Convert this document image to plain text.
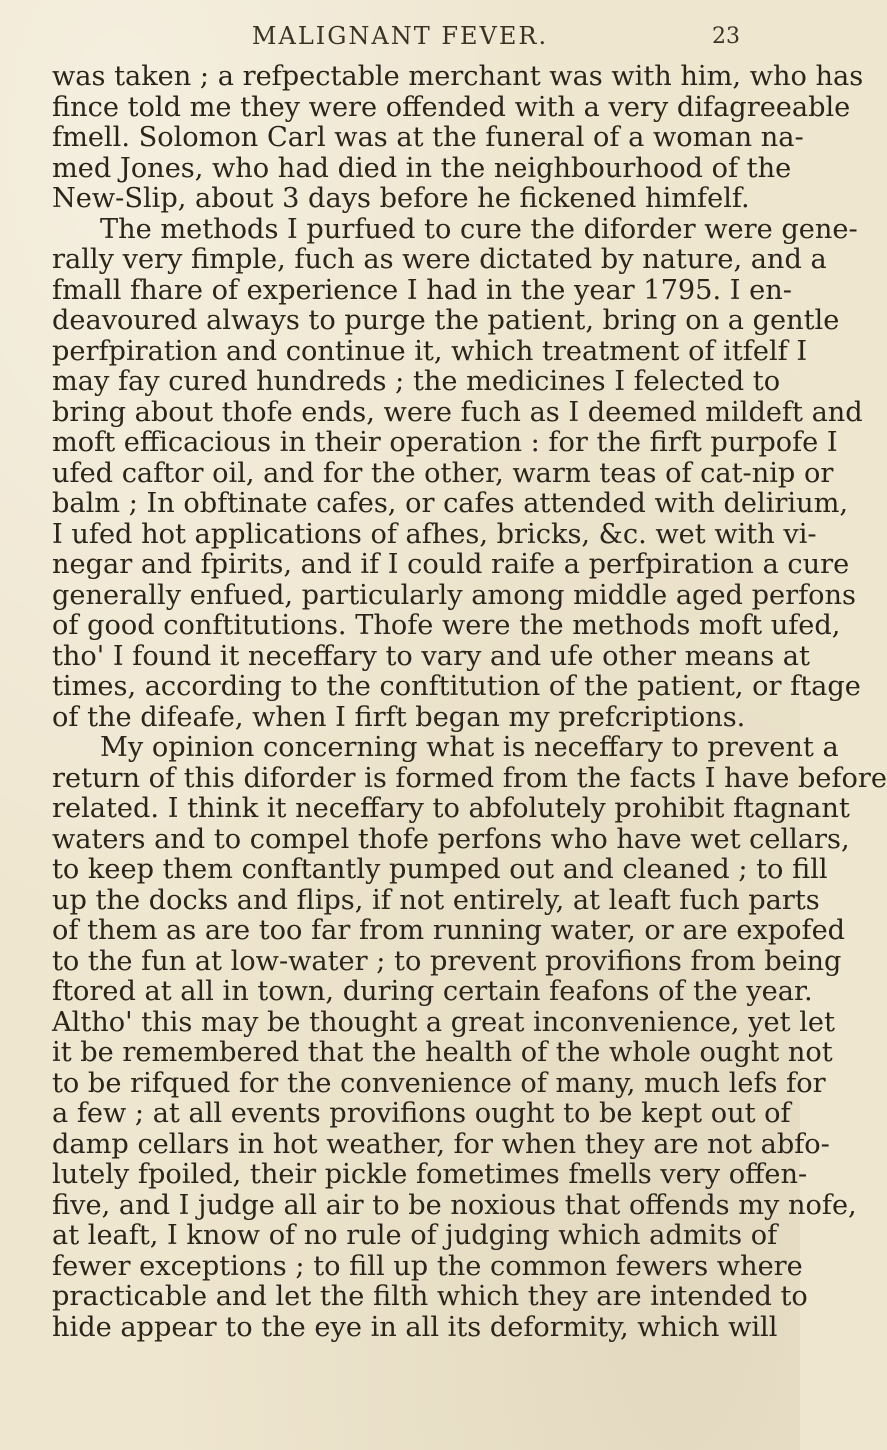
MALIGNANT FEVER.	23
was taken ; a refpectable merchant was with him, who has
fince told me they were offended with a very difagreeable
fmell. Solomon Carl was at the funeral of a woman na-
med Jones, who had died in the neighbourhood of the
New-Slip, about 3 days before he fickened himfelf.
The methods I purfued to cure the diforder were gene-
rally very fimple, fuch as were dictated by nature, and a
fmall fhare of experience I had in the year 1795. I en-
deavoured always to purge the patient, bring on a gentle
perfpiration and continue it, which treatment of itfelf I
may fay cured hundreds ; the medicines I felected to
bring about thofe ends, were fuch as I deemed mildeft and
moft efficacious in their operation : for the firft purpofe I
ufed caftor oil, and for the other, warm teas of cat-nip or
balm ; In obftinate cafes, or cafes attended with delirium,
I ufed hot applications of afhes, bricks, &c. wet with vi-
negar and fpirits, and if I could raife a perfpiration a cure
generally enfued, particularly among middle aged perfons
of good conftitutions. Thofe were the methods moft ufed,
tho' I found it neceffary to vary and ufe other means at
times, according to the conftitution of the patient, or ftage
of the difeafe, when I firft began my prefcriptions.
My opinion concerning what is neceffary to prevent a
return of this diforder is formed from the facts I have before
related. I think it neceffary to abfolutely prohibit ftagnant
waters and to compel thofe perfons who have wet cellars,
to keep them conftantly pumped out and cleaned ; to fill
up the docks and flips, if not entirely, at leaft fuch parts
of them as are too far from running water, or are expofed
to the fun at low-water ; to prevent provifions from being
ftored at all in town, during certain feafons of the year.
Altho' this may be thought a great inconvenience, yet let
it be remembered that the health of the whole ought not
to be rifqued for the convenience of many, much lefs for
a few ; at all events provifions ought to be kept out of
damp cellars in hot weather, for when they are not abfo-
lutely fpoiled, their pickle fometimes fmells very offen-
five, and I judge all air to be noxious that offends my nofe,
at leaft, I know of no rule of judging which admits of
fewer exceptions ; to fill up the common fewers where
practicable and let the filth which they are intended to
hide appear to the eye in all its deformity, which will
